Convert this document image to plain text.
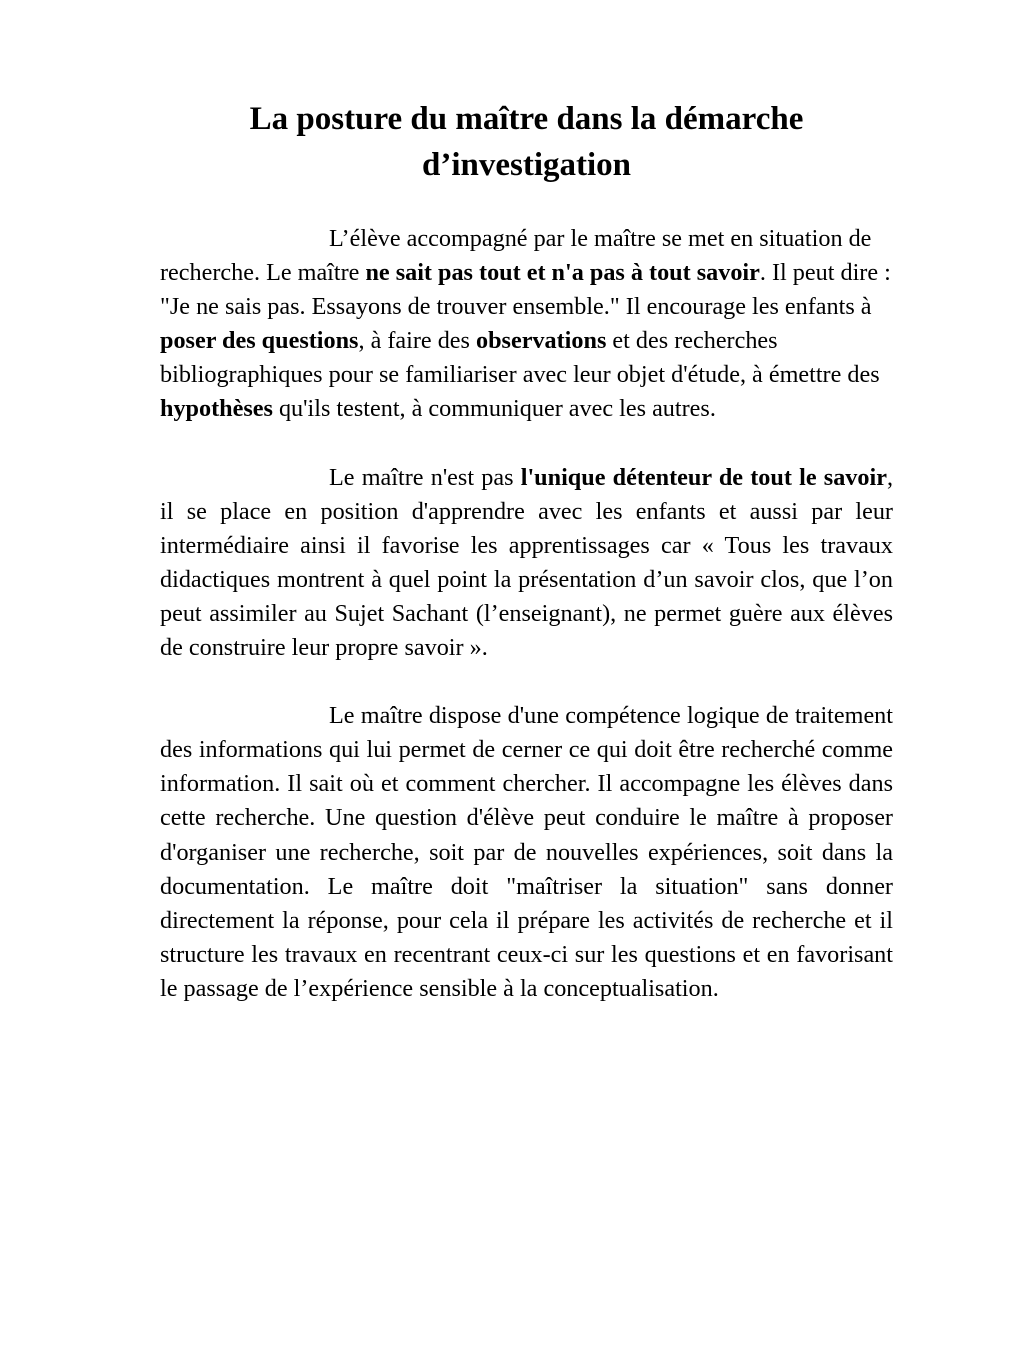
La posture du maître dans la démarche
d’investigation

L’élève accompagné par le maître se met en situation de recherche. Le maître ne sait pas tout et n'a pas à tout savoir. Il peut dire : "Je ne sais pas. Essayons de trouver ensemble." Il encourage les enfants à poser des questions, à faire des observations et des recherches bibliographiques pour se familiariser avec leur objet d'étude, à émettre des hypothèses qu'ils testent, à communiquer avec les autres.

Le maître n'est pas l'unique détenteur de tout le savoir, il se place en position d'apprendre avec les enfants et aussi par leur intermédiaire ainsi il favorise les apprentissages car « Tous les travaux didactiques montrent à quel point la présentation d’un savoir clos, que l’on peut assimiler au Sujet Sachant (l’enseignant), ne permet guère aux élèves de construire leur propre savoir ».

Le maître dispose d'une compétence logique de traitement des informations qui lui permet de cerner ce qui doit être recherché comme information. Il sait où et comment chercher. Il accompagne les élèves dans cette recherche. Une question d'élève peut conduire le maître à proposer d'organiser une recherche, soit par de nouvelles expériences, soit dans la documentation. Le maître doit "maîtriser la situation" sans donner directement la réponse, pour cela il prépare les activités de recherche et il structure les travaux en recentrant ceux-ci sur les questions et en favorisant le passage de l’expérience sensible à la conceptualisation.
